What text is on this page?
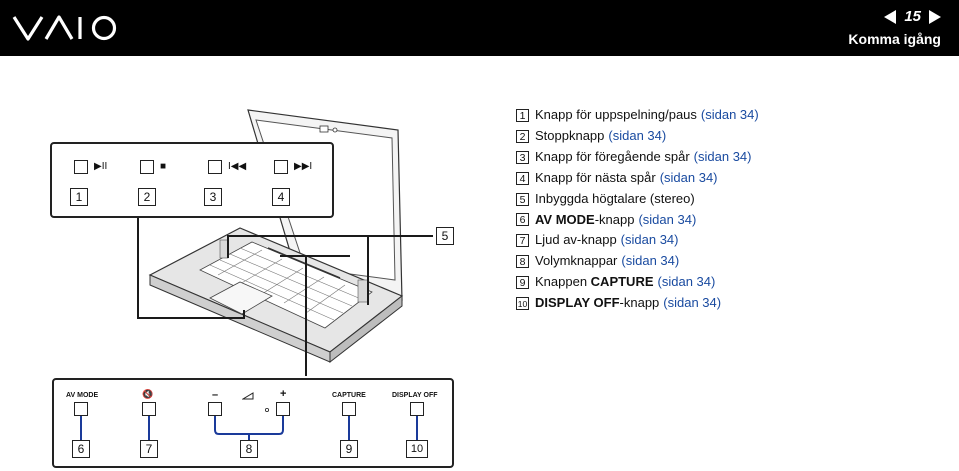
15
Komma igång
▶II	■	I◀◀	▶▶I
1	2	3	4
5
AV MODE	🔇	–	+	CAPTURE	DISPLAY OFF
6	7	8	9	10
1 Knapp för uppspelning/paus (sidan 34)
2 Stoppknapp (sidan 34)
3 Knapp för föregående spår (sidan 34)
4 Knapp för nästa spår (sidan 34)
5 Inbyggda högtalare (stereo)
6 AV MODE -knapp (sidan 34)
7 Ljud av-knapp (sidan 34)
8 Volymknappar (sidan 34)
9 Knappen CAPTURE (sidan 34)
10 DISPLAY OFF -knapp (sidan 34)
